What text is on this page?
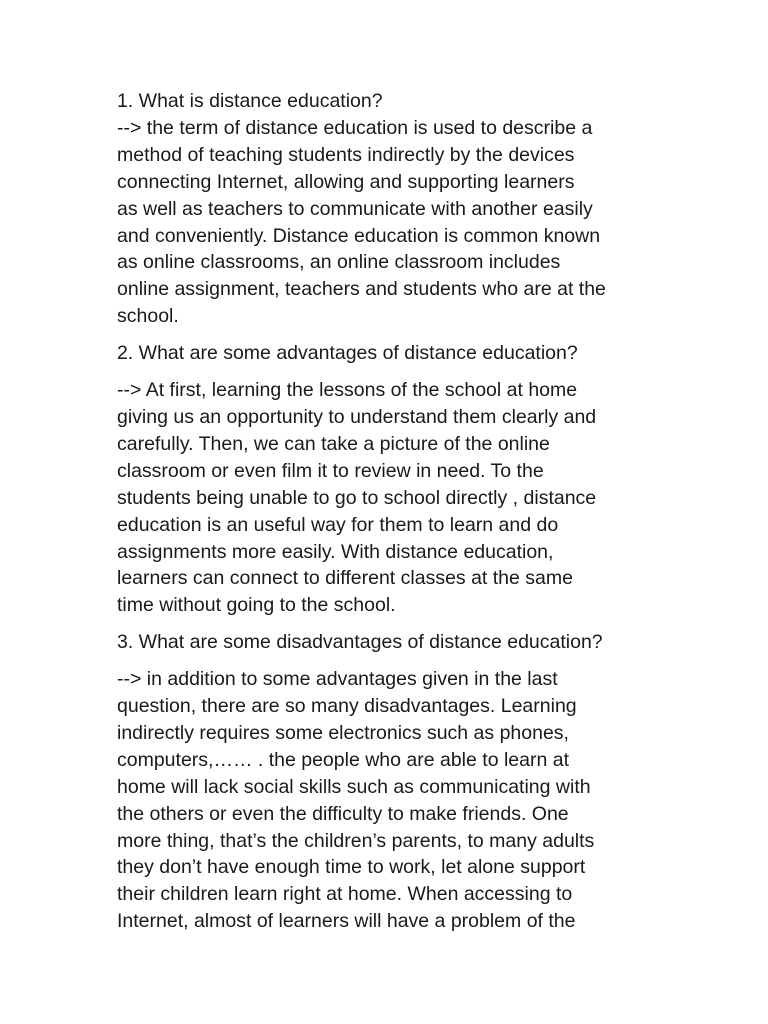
1. What is distance education?

--> the term of distance education is used to describe a
method of teaching students indirectly by the devices
connecting Internet, allowing and supporting learners
as well as teachers to communicate with another easily
and conveniently. Distance education is common known
as online classrooms, an online classroom includes
online assignment, teachers and students who are at the
school.

2. What are some advantages of distance education?

--> At first, learning the lessons of the school at home
giving us an opportunity to understand them clearly and
carefully. Then, we can take a picture of the online
classroom or even film it to review in need. To the
students being unable to go to school directly , distance
education is an useful way for them to learn and do
assignments more easily. With distance education,
learners can connect to different classes at the same
time without going to the school.

3. What are some disadvantages of distance education?

--> in addition to some advantages given in the last
question, there are so many disadvantages. Learning
indirectly requires some electronics such as phones,
computers,…… . the people who are able to learn at
home will lack social skills such as communicating with
the others or even the difficulty to make friends. One
more thing, that’s the children’s parents, to many adults
they don’t have enough time to work, let alone support
their children learn right at home. When accessing to
Internet, almost of learners will have a problem of the
